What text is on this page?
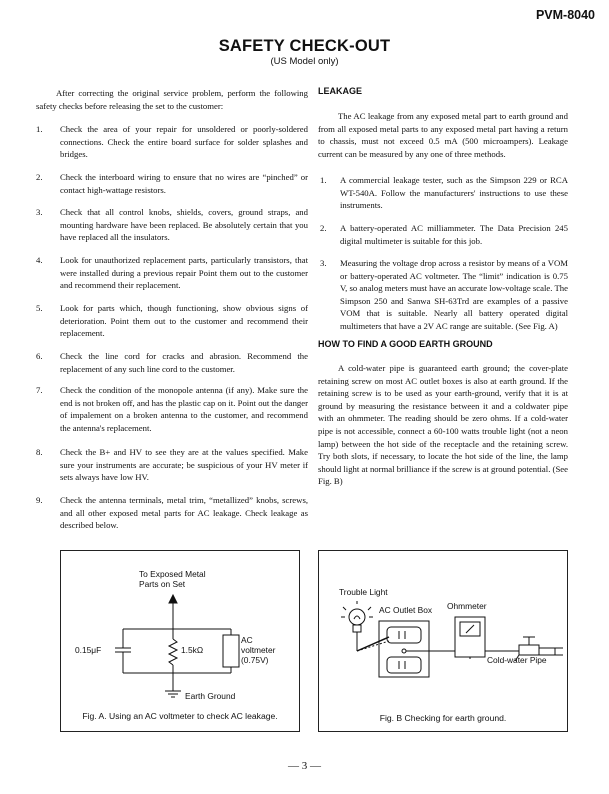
PVM-8040
SAFETY CHECK-OUT
(US Model only)
After correcting the original service problem, perform the following safety checks before releasing the set to the customer:
1. Check the area of your repair for unsoldered or poorly-soldered connections. Check the entire board surface for solder splashes and bridges.
2. Check the interboard wiring to ensure that no wires are “pinched” or contact high-wattage resistors.
3. Check that all control knobs, shields, covers, ground straps, and mounting hardware have been replaced. Be absolutely certain that you have replaced all the insulators.
4. Look for unauthorized replacement parts, particularly transistors, that were installed during a previous repair Point them out to the customer and recommend their replacement.
5. Look for parts which, though functioning, show obvious signs of deterioration. Point them out to the customer and recommend their replacement.
6. Check the line cord for cracks and abrasion. Recommend the replacement of any such line cord to the customer.
7. Check the condition of the monopole antenna (if any). Make sure the end is not broken off, and has the plastic cap on it. Point out the danger of impalement on a broken antenna to the customer, and recommend the antenna's replacement.
8. Check the B+ and HV to see they are at the values specified. Make sure your instruments are accurate; be suspicious of your HV meter if sets always have low HV.
9. Check the antenna terminals, metal trim, “metallized” knobs, screws, and all other exposed metal parts for AC leakage. Check leakage as described below.
LEAKAGE
The AC leakage from any exposed metal part to earth ground and from all exposed metal parts to any exposed metal part having a return to chassis, must not exceed 0.5 mA (500 microampers). Leakage current can be measured by any one of three methods.
1. A commercial leakage tester, such as the Simpson 229 or RCA WT-540A. Follow the manufacturers' instructions to use these instruments.
2. A battery-operated AC milliammeter. The Data Precision 245 digital multimeter is suitable for this job.
3. Measuring the voltage drop across a resistor by means of a VOM or battery-operated AC voltmeter. The “limit” indication is 0.75 V, so analog meters must have an accurate low-voltage scale. The Simpson 250 and Sanwa SH-63Trd are examples of a passive VOM that is suitable. Nearly all battery operated digital multimeters that have a 2V AC range are suitable. (See Fig. A)
HOW TO FIND A GOOD EARTH GROUND
A cold-water pipe is guaranteed earth ground; the cover-plate retaining screw on most AC outlet boxes is also at earth ground. If the retaining screw is to be used as your earth-ground, verify that it is at ground by measuring the resistance between it and a coldwater pipe with an ohmmeter. The reading should be zero ohms. If a cold-water pipe is not accessible, connect a 60-100 watts trouble light (not a neon lamp) between the hot side of the receptacle and the retaining screw. Try both slots, if necessary, to locate the hot side of the line, the lamp should light at normal brilliance if the screw is at ground potential. (See Fig. B)
To Exposed Metal
Parts on Set
0.15μF	1.5kΩ
AC
voltmeter
(0.75V)
Earth Ground
Fig. A. Using an AC voltmeter to check AC leakage.
Trouble Light
AC Outlet Box Ohmmeter
Cold-water Pipe
Fig. B Checking for earth ground.
— 3 —
